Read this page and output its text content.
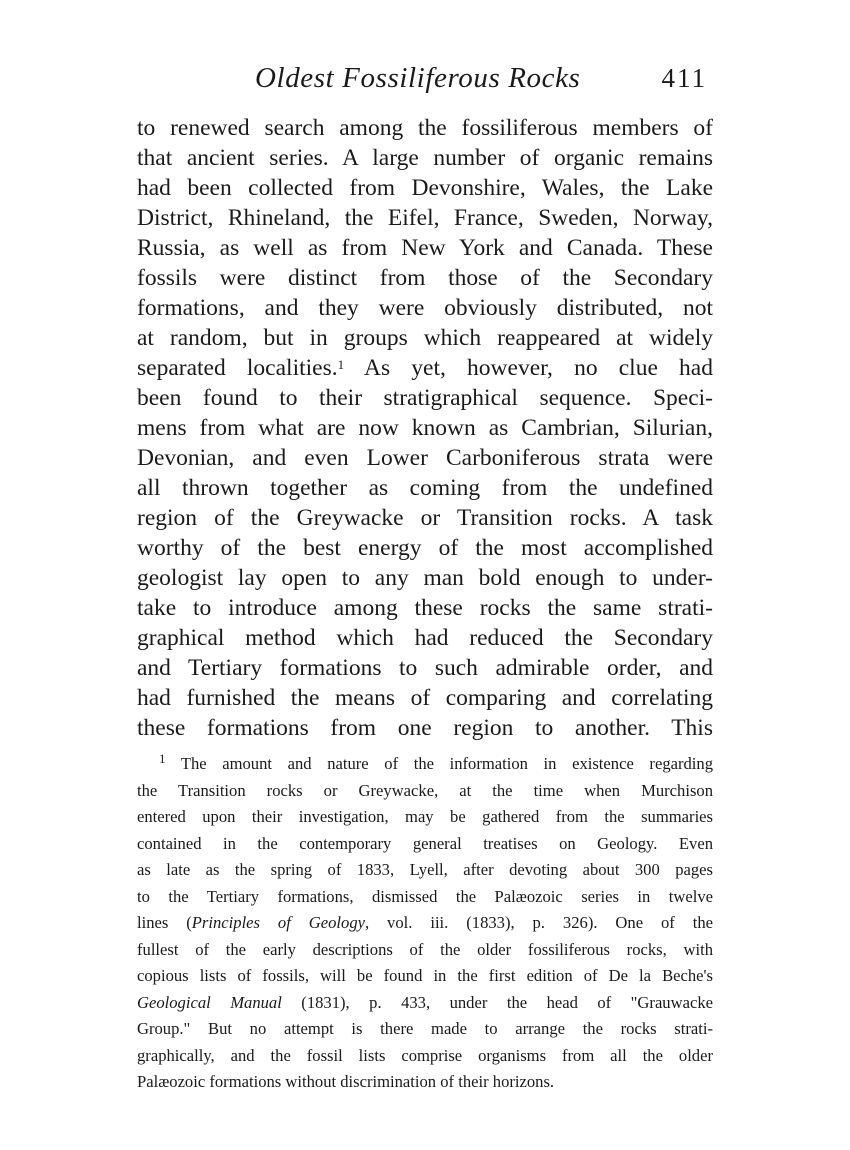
Oldest Fossiliferous Rocks	411
to renewed search among the fossiliferous members of
that ancient series. A large number of organic remains
had been collected from Devonshire, Wales, the Lake
District, Rhineland, the Eifel, France, Sweden, Norway,
Russia, as well as from New York and Canada. These
fossils were distinct from those of the Secondary
formations, and they were obviously distributed, not
at random, but in groups which reappeared at widely
separated localities.$^1$ As yet, however, no clue had
been found to their stratigraphical sequence. Speci-
mens from what are now known as Cambrian, Silurian,
Devonian, and even Lower Carboniferous strata were
all thrown together as coming from the undefined
region of the Greywacke or Transition rocks. A task
worthy of the best energy of the most accomplished
geologist lay open to any man bold enough to under-
take to introduce among these rocks the same strati-
graphical method which had reduced the Secondary
and Tertiary formations to such admirable order, and
had furnished the means of comparing and correlating
these formations from one region to another. This
$^1$ The amount and nature of the information in existence regarding
the Transition rocks or Greywacke, at the time when Murchison
entered upon their investigation, may be gathered from the summaries
contained in the contemporary general treatises on Geology. Even
as late as the spring of 1833, Lyell, after devoting about 300 pages
to the Tertiary formations, dismissed the Palæozoic series in twelve
lines (Principles of Geology, vol. iii. (1833), p. 326). One of the
fullest of the early descriptions of the older fossiliferous rocks, with
copious lists of fossils, will be found in the first edition of De la Beche's
Geological Manual (1831), p. 433, under the head of "Grauwacke
Group." But no attempt is there made to arrange the rocks strati-
graphically, and the fossil lists comprise organisms from all the older
Palæozoic formations without discrimination of their horizons.
